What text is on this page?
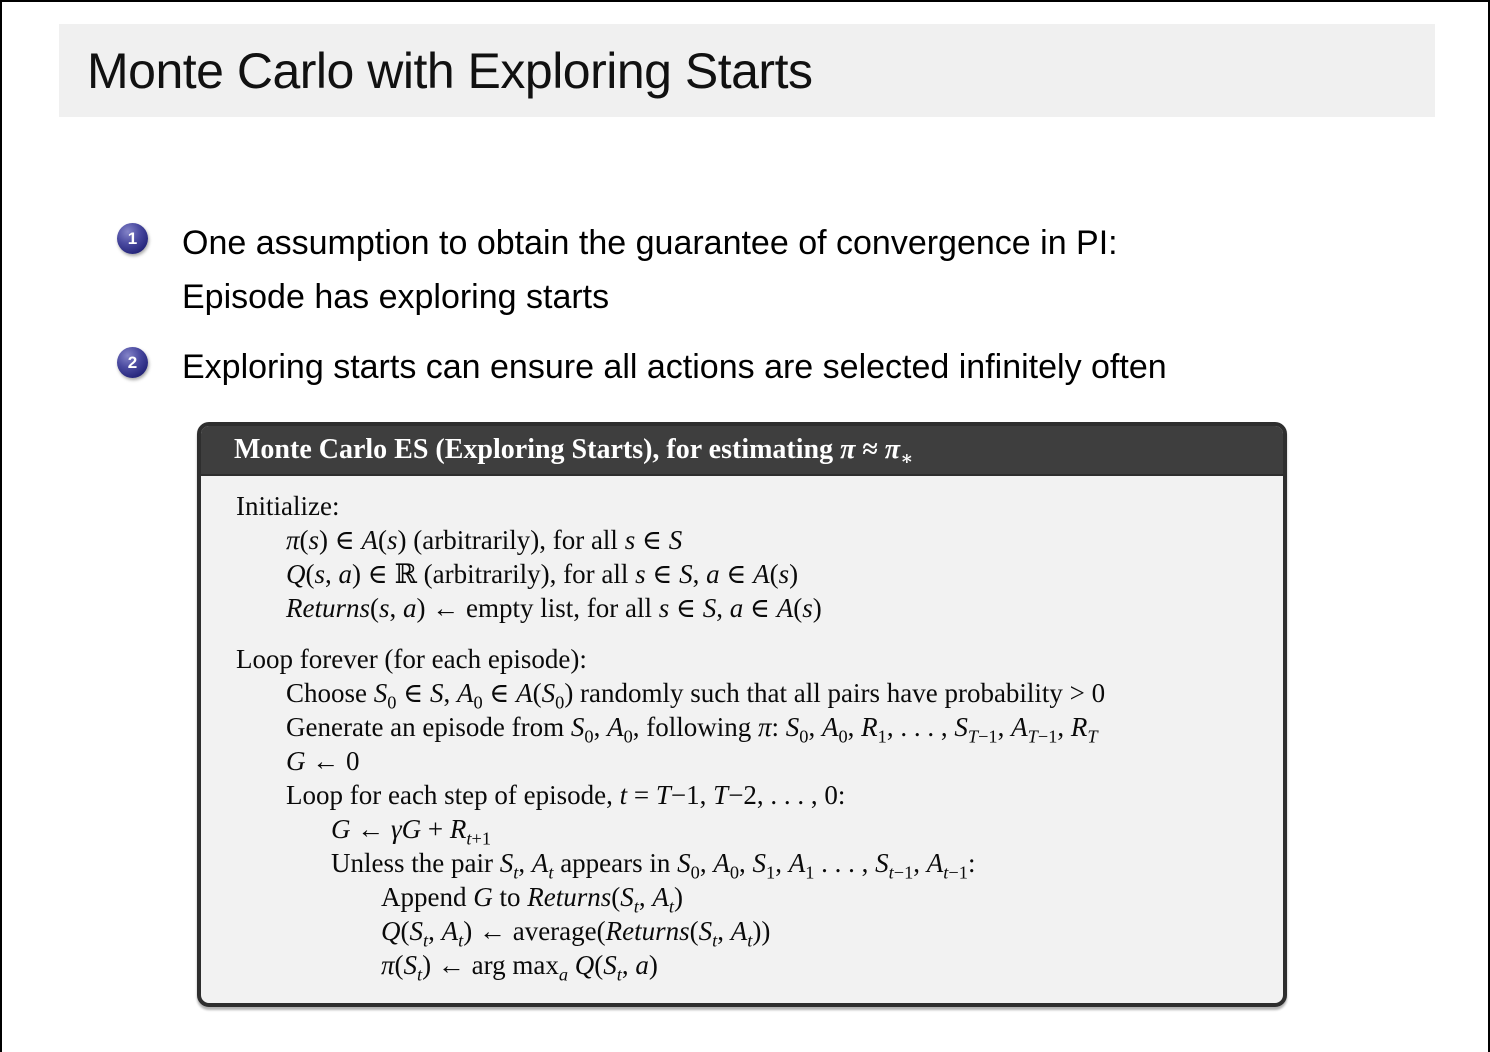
Monte Carlo with Exploring Starts
1 One assumption to obtain the guarantee of convergence in PI:
Episode has exploring starts
2 Exploring starts can ensure all actions are selected infinitely often
Monte Carlo ES (Exploring Starts), for estimating $\pi \approx \pi_∗$
Initialize:
π(s) ∈ A(s) (arbitrarily), for all s ∈ S
Q(s, a) ∈ ℝ (arbitrarily), for all s ∈ S, a ∈ A(s)
Returns(s, a) ← empty list, for all s ∈ S, a ∈ A(s)
Loop forever (for each episode):
Choose $S_0$ ∈ S, $A_0$ ∈ $A(S_0)$ randomly such that all pairs have probability > 0
Generate an episode from $S_0$, $A_0$, following π: $S_0$, $A_0$, $R_1$, . . . , $S_{T-1}$, $A_{T-1}$, $R_T$
G ← 0
Loop for each step of episode, t = T−1, T−2, . . . , 0:
G ← $\gamma G + R_{t+1}$
Unless the pair $S_t$, $A_t$ appears in $S_0$, $A_0$, $S_1$, $A_1$ . . . , $S_{t-1}$, $A_{t-1}$:
Append G to $Returns(S_t$, $A_t$)
$Q(S_t$, $A_t$) ← $average(Returns(S_t$, $A_t$))
$\pi(S_t)$ ← arg $\max_a Q(S_t$, a)
